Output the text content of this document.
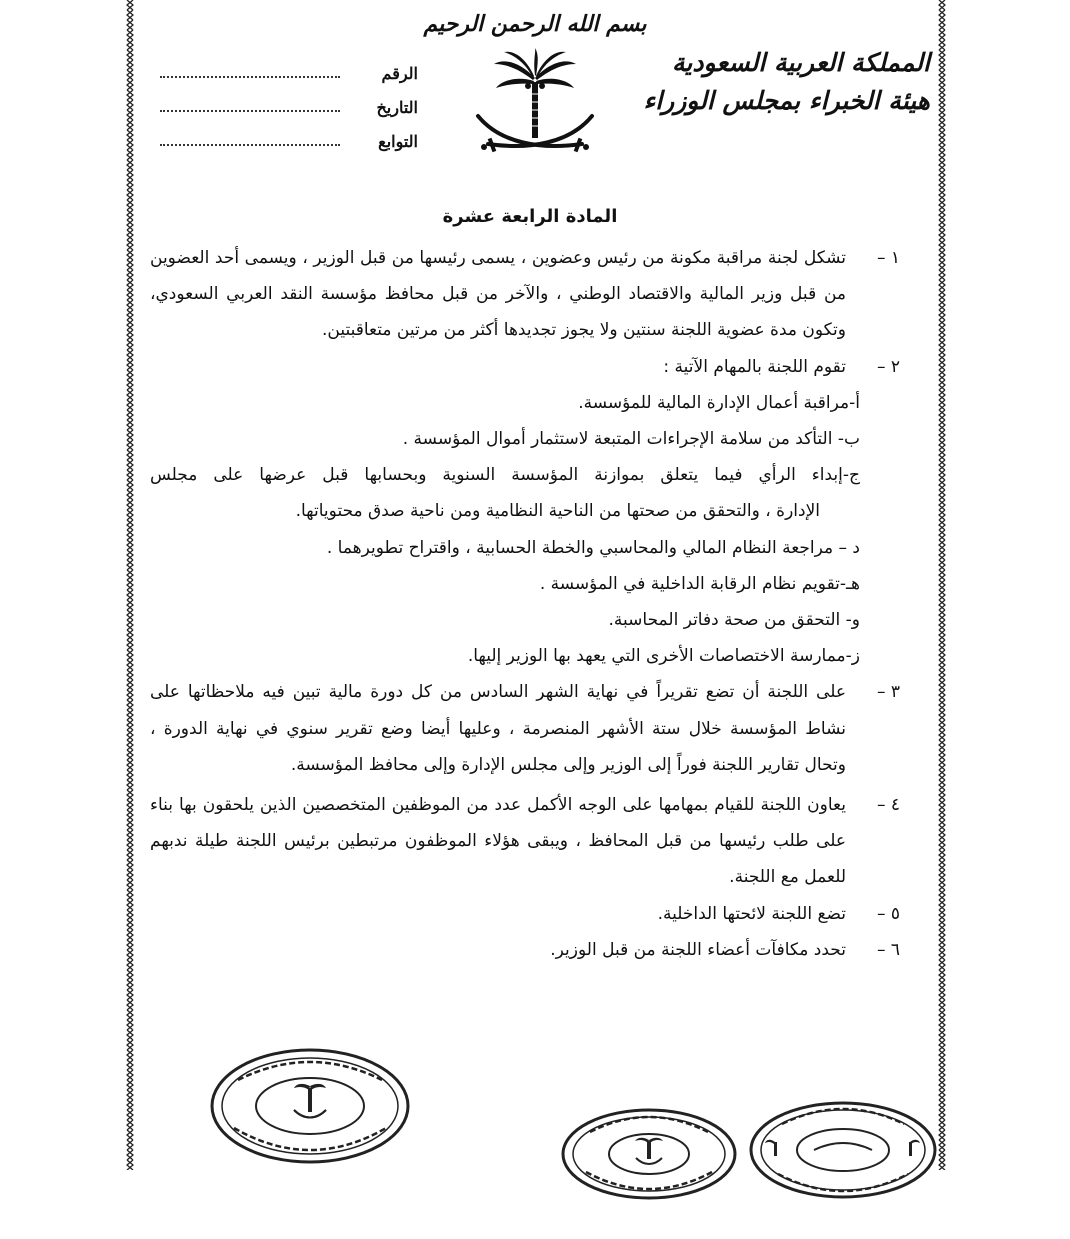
بسم الله الرحمن الرحيم
المملكة العربية السعودية
هيئة الخبراء بمجلس الوزراء
الرقم
التاريخ
التوابع
المادة الرابعة عشرة
١ –
تشكل لجنة مراقبة مكونة من رئيس وعضوين ، يسمى رئيسها من قبل الوزير ، ويسمى أحد العضوين من قبل وزير المالية والاقتصاد الوطني ، والآخر من قبل محافظ مؤسسة النقد العربي السعودي، وتكون مدة عضوية اللجنة سنتين ولا يجوز تجديدها أكثر من مرتين متعاقبتين.
٢ –
تقوم اللجنة بالمهام الآتية :
أ-مراقبة أعمال الإدارة المالية للمؤسسة.
ب- التأكد من سلامة الإجراءات المتبعة لاستثمار أموال المؤسسة .
ج-إبداء الرأي فيما يتعلق بموازنة المؤسسة السنوية وبحسابها قبل عرضها على مجلس
الإدارة ، والتحقق من صحتها من الناحية النظامية ومن ناحية صدق محتوياتها.
د – مراجعة النظام المالي والمحاسبي والخطة الحسابية ، واقتراح تطويرهما .
هـ-تقويم نظام الرقابة الداخلية في المؤسسة .
و- التحقق من صحة دفاتر المحاسبة.
ز-ممارسة الاختصاصات الأخرى التي يعهد بها الوزير إليها.
٣ –
على اللجنة أن تضع تقريراً في نهاية الشهر السادس من كل دورة مالية تبين فيه ملاحظاتها على نشاط المؤسسة خلال ستة الأشهر المنصرمة ، وعليها أيضا وضع تقرير سنوي في نهاية الدورة ، وتحال تقارير اللجنة فوراً إلى الوزير وإلى مجلس الإدارة وإلى محافظ المؤسسة.
٤ –
يعاون اللجنة للقيام بمهامها على الوجه الأكمل عدد من الموظفين المتخصصين الذين يلحقون بها بناء على طلب رئيسها من قبل المحافظ ، ويبقى هؤلاء الموظفون مرتبطين برئيس اللجنة طيلة ندبهم للعمل مع اللجنة.
٥ –
تضع اللجنة لائحتها الداخلية.
٦ –
تحدد مكافآت أعضاء اللجنة من قبل الوزير.
